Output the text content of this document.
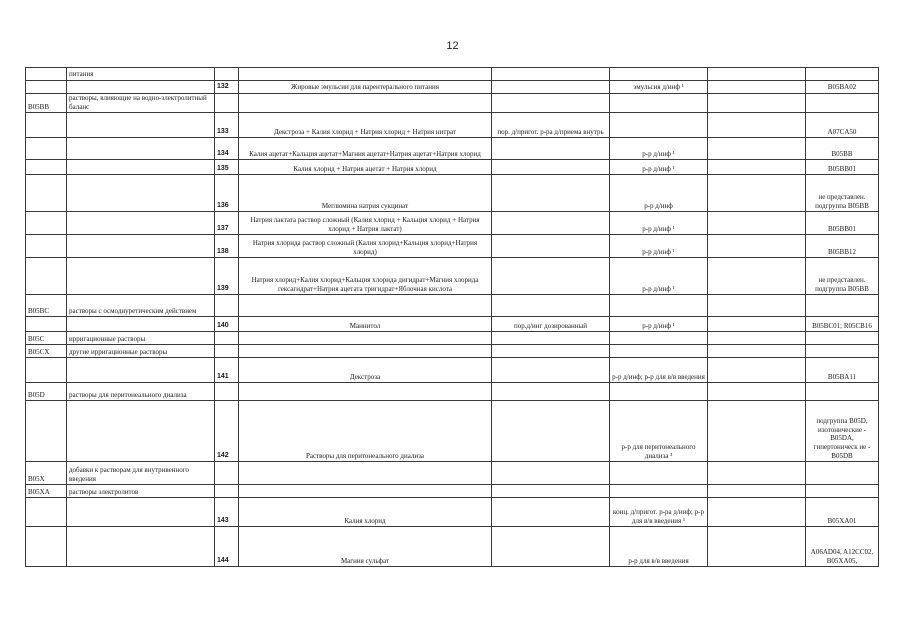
12
	питания						
		132	Жировые эмульсии для парентерального питания		эмульсия д/инф ¹		B05BA02
B05BB	растворы, влияющие на водно-электролитный баланс						
		133	Декстроза + Калия хлорид + Натрия хлорид + Натрия нитрат	пор. д/пригот. р-ра д/приема внутрь			A07CA50
		134	Калия ацетат+Кальция ацетат+Магния ацетат+Натрия ацетат+Натрия хлорид		р-р д/инф ¹		B05BB
		135	Калия хлорид + Натрия ацетат + Натрия хлорид		р-р д/инф ¹		B05BB01
		136	Меглюмина натрия сукцинат		р-р д/инф		не представлен. подгруппа B05BB
		137	Натрия лактата раствор сложный (Калия хлорид + Кальция хлорид + Натрия хлорид + Натрия лактат)		р-р д/инф ¹		B05BB01
		138	Натрия хлорида раствор сложный (Калия хлорид+Кальция хлорид+Натрия хлорид)		р-р д/инф ¹		B05BB12
		139	Натрия хлорид+Калия хлорид+Кальция хлорида дигидрат+Магния хлорида гексагидрат+Натрия ацетата тригидрат+Яблочная кислота		р-р д/инф ¹		не представлен. подгруппа B05BB
B05BC	растворы с осмодиуретическим действием						
		140	Маннитол	пор.д/инг дозированный	р-р д/инф ¹		B05BC01; R05CB16
B05C	ирригационные растворы						
B05CX	другие ирригационные растворы						
		141	Декстроза		р-р д/инф; р-р для в/в введения		B05BA11
B05D	растворы для перитонеального диализа						
		142	Растворы для перитонеального диализа		р-р для перитонеального диализа ³		подгруппа B05D, изотонические - B05DA, гипертоничеcк ие - B05DB
B05X	добавки к растворам для внутривенного введения						
B05XA	растворы электролитов						
		143	Калия хлорид		конц. д/пригот. р-ра д/инф; р-р для в/в введения ¹		B05XA01
		144	Магния сульфат		р-р для в/в введения		A06AD04, A12CC02, B05XA05,
